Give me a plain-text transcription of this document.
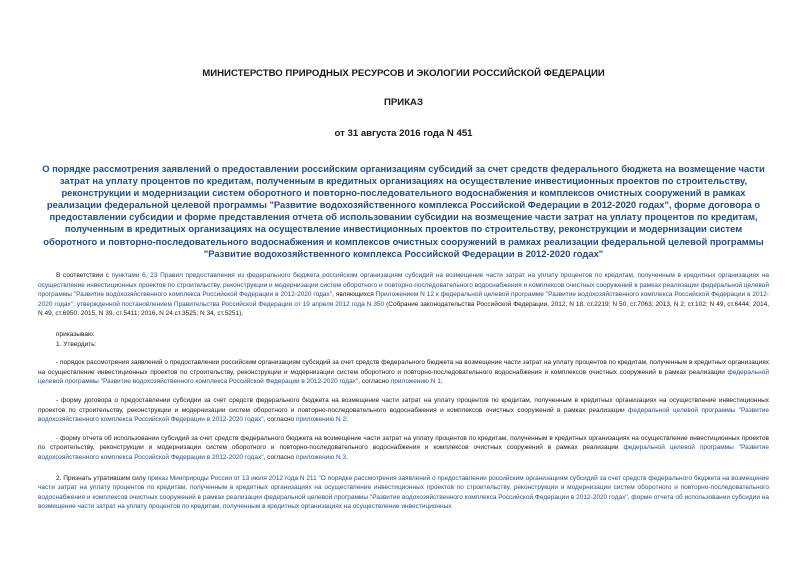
МИНИСТЕРСТВО ПРИРОДНЫХ РЕСУРСОВ И ЭКОЛОГИИ РОССИЙСКОЙ ФЕДЕРАЦИИ
ПРИКАЗ
от 31 августа 2016 года N 451
О порядке рассмотрения заявлений о предоставлении российским организациям субсидий за счет средств федерального бюджета на возмещение части затрат на уплату процентов по кредитам, полученным в кредитных организациях на осуществление инвестиционных проектов по строительству, реконструкции и модернизации систем оборотного и повторно-последовательного водоснабжения и комплексов очистных сооружений в рамках реализации федеральной целевой программы "Развитие водохозяйственного комплекса Российской Федерации в 2012-2020 годах", форме договора о предоставлении субсидии и форме представления отчета об использовании субсидии на возмещение части затрат на уплату процентов по кредитам, полученным в кредитных организациях на осуществление инвестиционных проектов по строительству, реконструкции и модернизации систем оборотного и повторно-последовательного водоснабжения и комплексов очистных сооружений в рамках реализации федеральной целевой программы "Развитие водохозяйственного комплекса Российской Федерации в 2012-2020 годах"

В соответствии с пунктами 6, 23 Правил предоставления из федерального бюджета российским организациям субсидий на возмещение части затрат на уплату процентов по кредитам, полученным в кредитных организациях на осуществление инвестиционных проектов по строительству, реконструкции и модернизации систем оборотного и повторно-последовательного водоснабжения и комплексов очистных сооружений в рамках реализации федеральной целевой программы "Развитие водохозяйственного комплекса Российской Федерации в 2012-2020 годах", являющихся Приложением N 12 к федеральной целевой программе "Развитие водохозяйственного комплекса Российской Федерации в 2012-2020 годах", утвержденной постановлением Правительства Российской Федерации от 19 апреля 2012 года N 350 (Собрание законодательства Российской Федерации, 2012, N 18, ст.2219; N 50, ст.7063; 2013, N 2, ст.102; N 49, ст.6444; 2014, N 49, ст.6950; 2015, N 39, ст.5411; 2016, N 24 ст.3525; N 34, ст.5251),

приказываю:

1. Утвердить:

- порядок рассмотрения заявлений о предоставлении российским организациям субсидий за счет средств федерального бюджета на возмещение части затрат на уплату процентов по кредитам, полученным в кредитных организациях на осуществление инвестиционных проектов по строительству, реконструкции и модернизации систем оборотного и повторно-последовательного водоснабжения и комплексов очистных сооружений в рамках реализации федеральной целевой программы "Развитие водохозяйственного комплекса Российской Федерации в 2012-2020 годах", согласно приложению N 1;

- форму договора о предоставлении субсидии за счет средств федерального бюджета на возмещение части затрат на уплату процентов по кредитам, полученным в кредитных организациях на осуществление инвестиционных проектов по строительству, реконструкции и модернизации систем оборотного и повторно-последовательного водоснабжения и комплексов очистных сооружений в рамках реализации федеральной целевой программы "Развитие водохозяйственного комплекса Российской Федерации в 2012-2020 годах", согласно приложению N 2;

- форму отчета об использовании субсидий за счет средств федерального бюджета на возмещение части затрат на уплату процентов по кредитам, полученным в кредитных организациях на осуществление инвестиционных проектов по строительству, реконструкции и модернизации систем оборотного и повторно-последовательного водоснабжения и комплексов очистных сооружений в рамках реализации федеральной целевой программы "Развитие водохозяйственного комплекса Российской Федерации в 2012-2020 годах", согласно приложению N 3.

2. Признать утратившим силу приказ Минприроды России от 13 июля 2012 года N 211 "О порядке рассмотрения заявлений о предоставлении российским организациям субсидий за счет средств федерального бюджета на возмещение части затрат на уплату процентов по кредитам, полученным в кредитных организациях на осуществление инвестиционных проектов по строительству, реконструкции и модернизации систем оборотного и повторно-последовательного водоснабжения и комплексов очистных сооружений в рамках реализации федеральной целевой программы "Развитие водохозяйственного комплекса Российской Федерации в 2012-2020 годах", форме отчета об использовании субсидии на возмещение части затрат на уплату процентов по кредитам, полученным в кредитных организациях на осуществление инвестиционных
